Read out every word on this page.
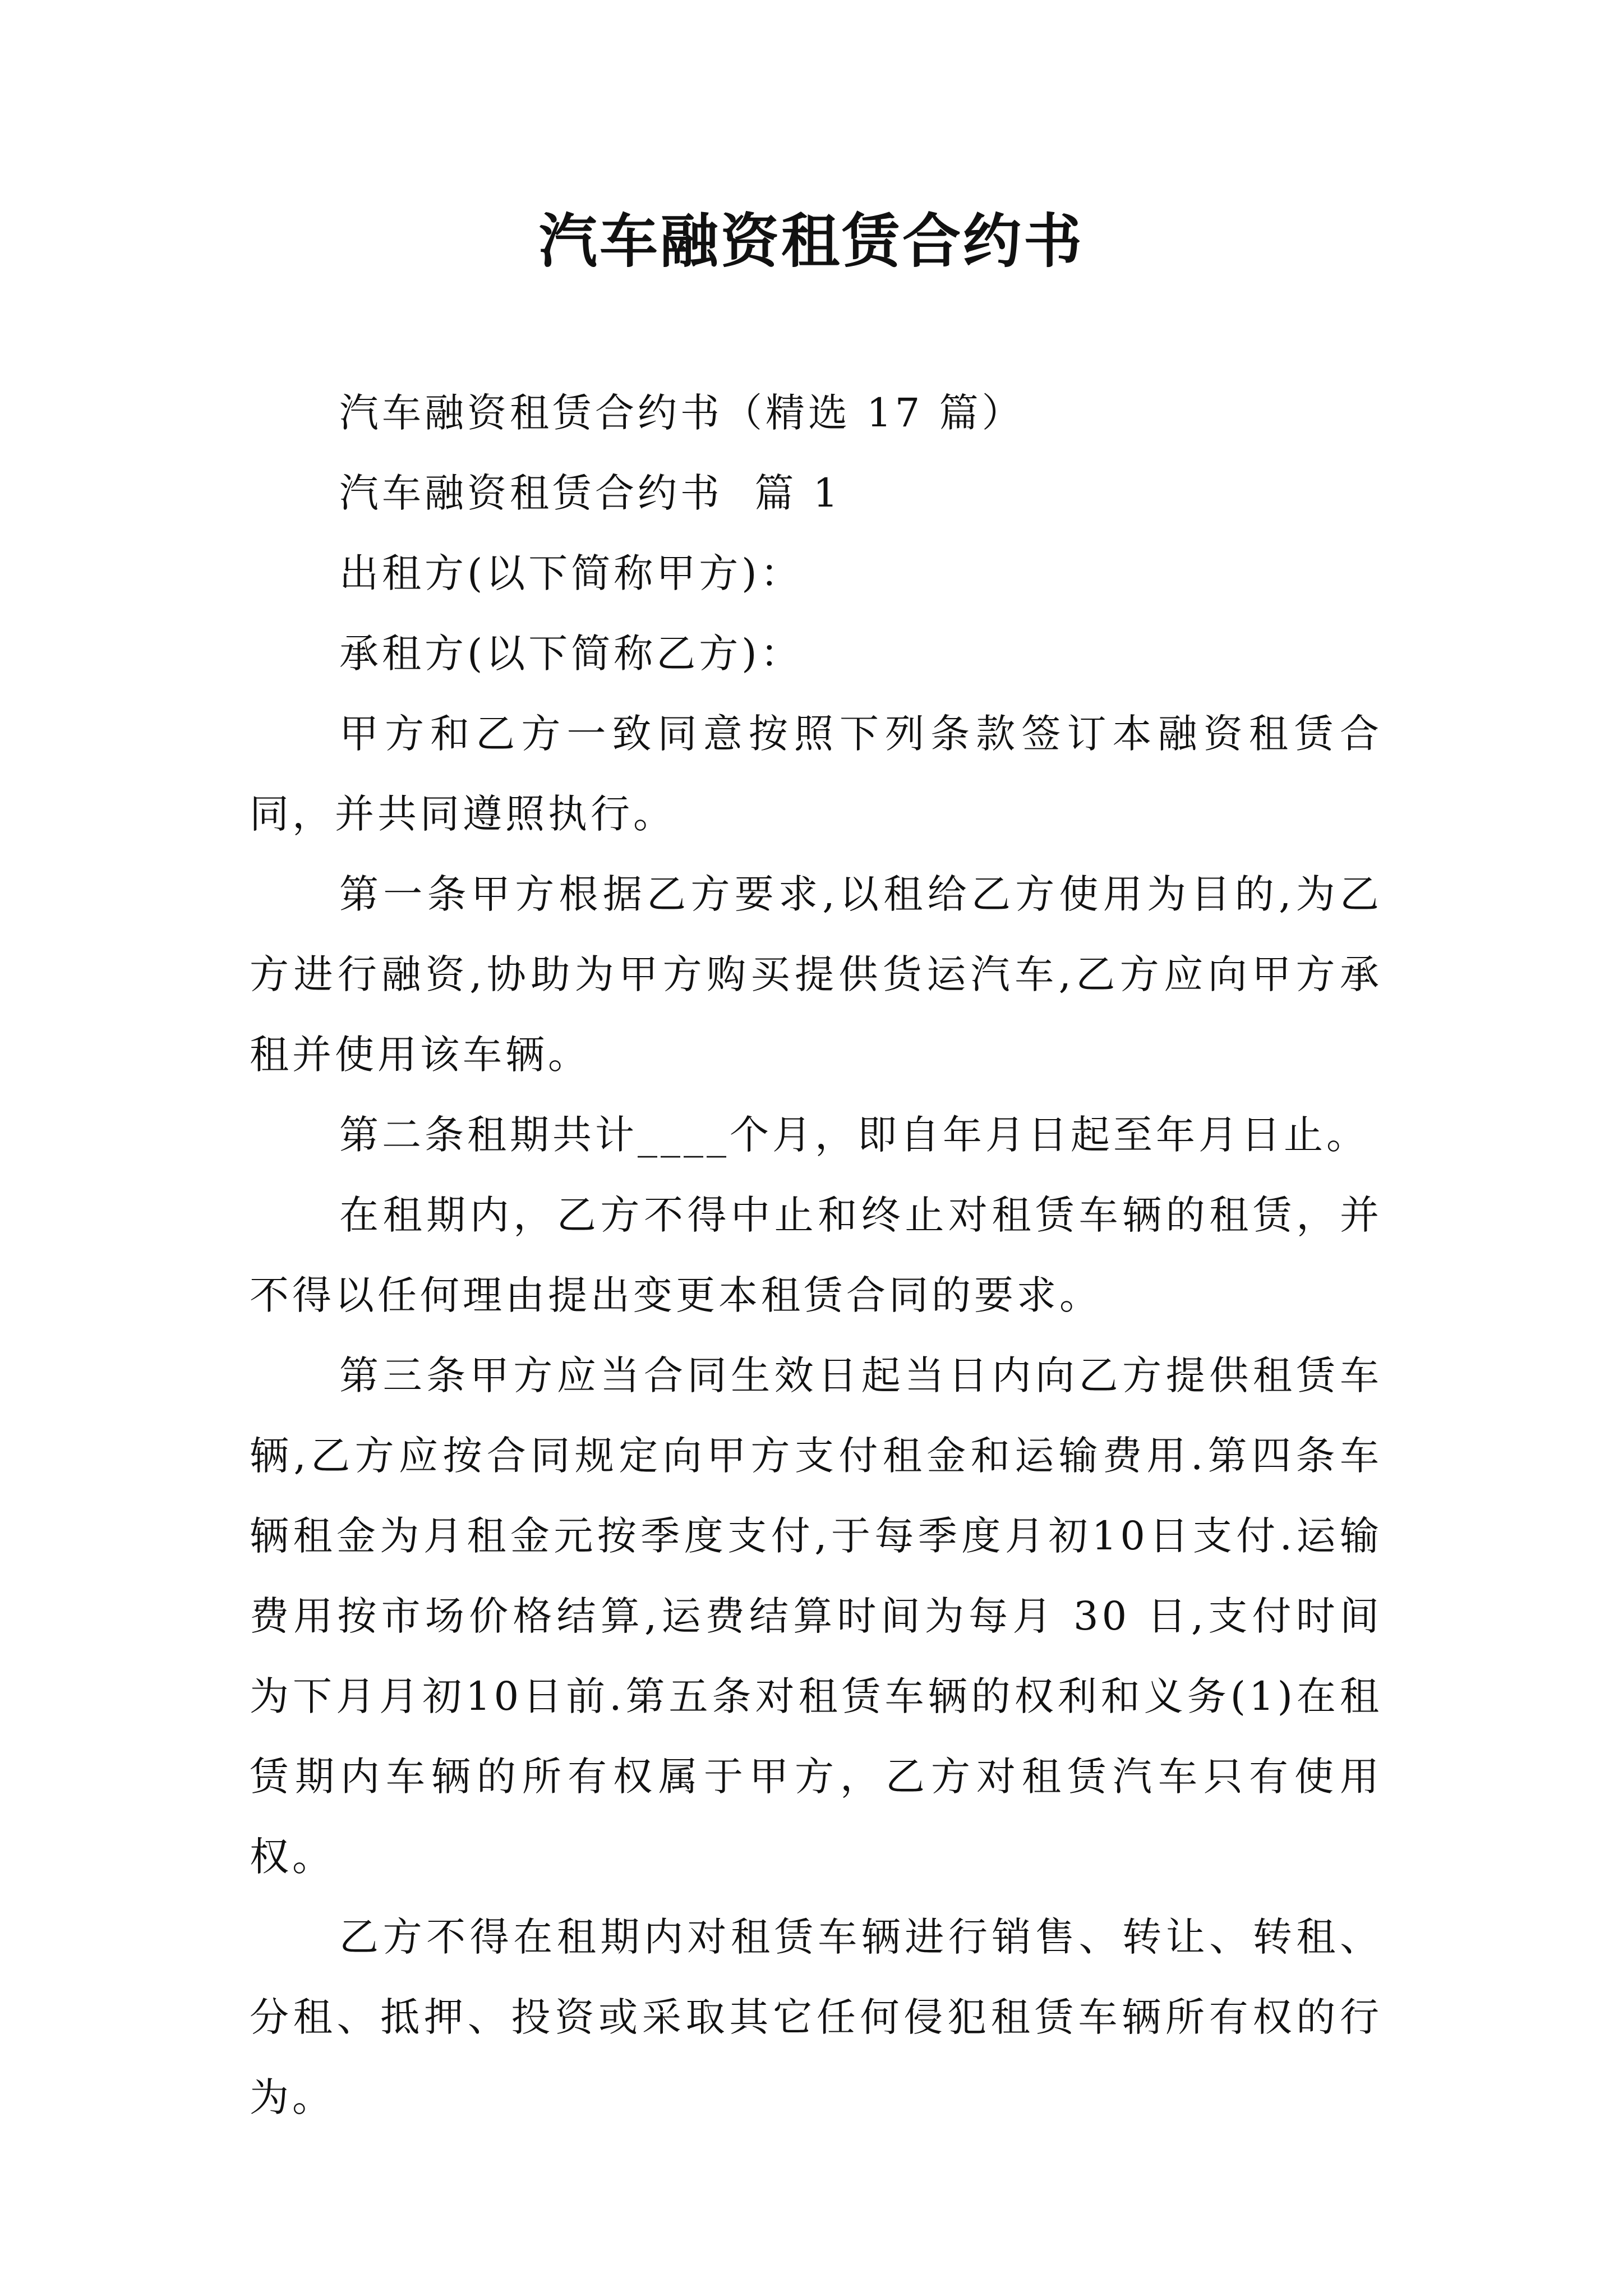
汽车融资租赁合约书

汽车融资租赁合约书（精选 17 篇）

汽车融资租赁合约书  篇 1

出租方(以下简称甲方)：

承租方(以下简称乙方)：

甲方和乙方一致同意按照下列条款签订本融资租赁合同，并共同遵照执行。

第一条甲方根据乙方要求,以租给乙方使用为目的,为乙方进行融资,协助为甲方购买提供货运汽车,乙方应向甲方承租并使用该车辆。

第二条租期共计____个月，即自年月日起至年月日止。

在租期内，乙方不得中止和终止对租赁车辆的租赁，并不得以任何理由提出变更本租赁合同的要求。

第三条甲方应当合同生效日起当日内向乙方提供租赁车辆,乙方应按合同规定向甲方支付租金和运输费用.第四条车辆租金为月租金元按季度支付,于每季度月初10日支付.运输费用按市场价格结算,运费结算时间为每月 30 日,支付时间为下月月初10日前.第五条对租赁车辆的权利和义务(1)在租赁期内车辆的所有权属于甲方，乙方对租赁汽车只有使用权。

乙方不得在租期内对租赁车辆进行销售、转让、转租、分租、抵押、投资或采取其它任何侵犯租赁车辆所有权的行为。
